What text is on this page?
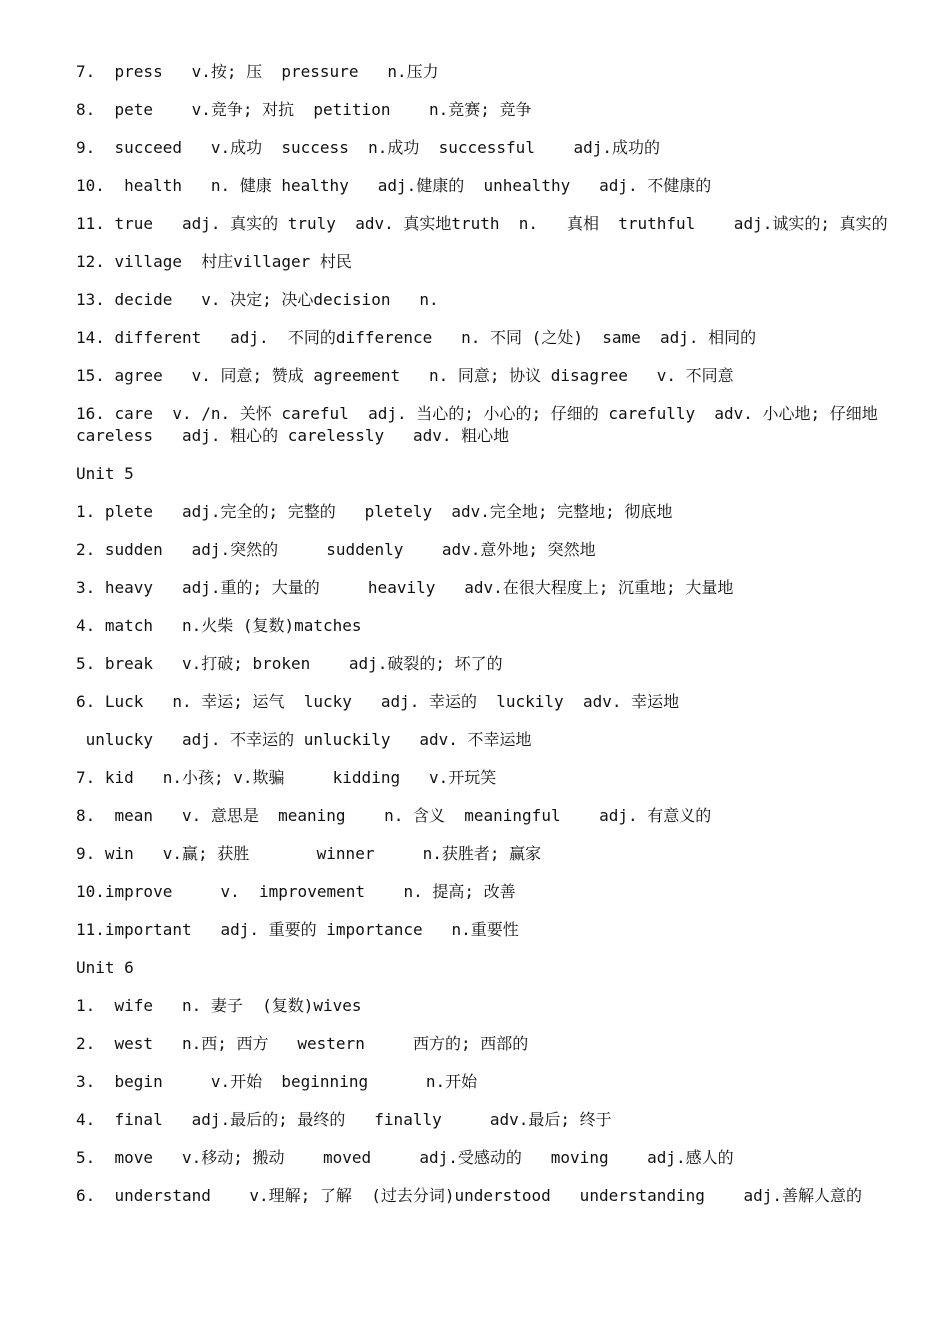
7.  press   v.按; 压  pressure   n.压力
8.  pete    v.竞争; 对抗  petition    n.竞赛; 竞争
9.  succeed   v.成功  success  n.成功  successful    adj.成功的
10.  health   n. 健康 healthy   adj.健康的  unhealthy   adj. 不健康的
11. true   adj. 真实的 truly  adv. 真实地truth  n.   真相  truthful    adj.诚实的; 真实的
12. village  村庄villager 村民
13. decide   v. 决定; 决心decision   n.
14. different   adj.  不同的difference   n. 不同 (之处)  same  adj. 相同的
15. agree   v. 同意; 赞成 agreement   n. 同意; 协议 disagree   v. 不同意
16. care  v. /n. 关怀 careful  adj. 当心的; 小心的; 仔细的 carefully  adv. 小心地; 仔细地careless   adj. 粗心的 carelessly   adv. 粗心地
Unit 5
1. plete   adj.完全的; 完整的   pletely  adv.完全地; 完整地; 彻底地
2. sudden   adj.突然的     suddenly    adv.意外地; 突然地
3. heavy   adj.重的; 大量的     heavily   adv.在很大程度上; 沉重地; 大量地
4. match   n.火柴 (复数)matches
5. break   v.打破; broken    adj.破裂的; 坏了的
6. Luck   n. 幸运; 运气  lucky   adj. 幸运的  luckily  adv. 幸运地
unlucky   adj. 不幸运的 unluckily   adv. 不幸运地
7. kid   n.小孩; v.欺骗     kidding   v.开玩笑
8.  mean   v. 意思是  meaning    n. 含义  meaningful    adj. 有意义的
9. win   v.赢; 获胜       winner     n.获胜者; 赢家
10.improve     v.  improvement    n. 提高; 改善
11.important   adj. 重要的 importance   n.重要性
Unit 6
1.  wife   n. 妻子  (复数)wives
2.  west   n.西; 西方   western     西方的; 西部的
3.  begin     v.开始  beginning      n.开始
4.  final   adj.最后的; 最终的   finally     adv.最后; 终于
5.  move   v.移动; 搬动    moved     adj.受感动的   moving    adj.感人的
6.  understand    v.理解; 了解  (过去分词)understood   understanding    adj.善解人意的
